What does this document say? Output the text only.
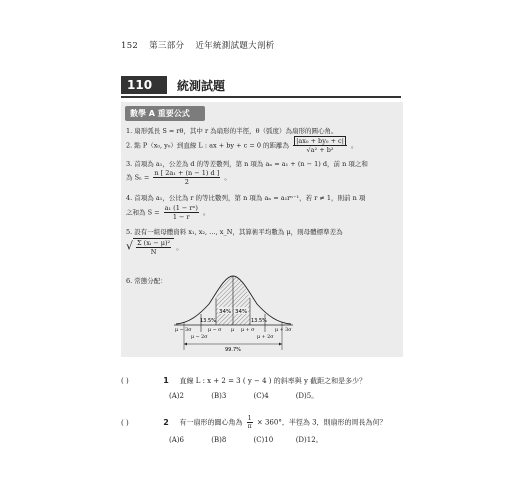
152 第三部分 近年統測試題大剖析
110	統測試題
數學 A 重要公式
1. 扇形弧長 S = rθ，其中 r 為扇形的半徑，θ（弧度）為扇形的圓心角。
2. 點 P（x₀, y₀）到直線 L : ax + by + c = 0 的距離為 $\frac{\text{|ax₀ + by₀ + c|}}{\text{√a² + b²}}$ 。
3. 首項為 a₁，公差為 d 的等差數列，第 n 項為 aₙ = a₁ + (n − 1) d，前 n 項之和
為 $S_n = \frac{\text{n [ 2a₁ + (n − 1) d ]}}{2}$ 。
4. 首項為 a₁，公比為 r 的等比數列，第 n 項為 aₙ = a₁rⁿ⁻¹，若 r ≠ 1，則前 n 項
之和為 $S = \frac{\text{a₁ (1 − rⁿ)}}{1 - r}$ 。
5. 設有一組母體資料 x₁, x₂, …, x_N，其算術平均數為 μ，則母體標準差為
√ $\frac{\text{Σ (xᵢ − μ)²}}{N}$ 。
6. 常態分配：
34% 34%
13.5%	13.5%
μ − 3σ	μ − σ μ μ + σ	μ + 3σ
μ − 2σ	μ + 2σ
99.7%
( )	1 直線 L : x + 2 = 3 ( y − 4 ) 的斜率與 y 截距之和是多少？
(A)2	(B)3	(C)4	(D)5。
( )	2 有一扇形的圓心角為 $\frac{1}{\pi} \times 360^\circ$，半徑為 3，則扇形的周長為何？
(A)6	(B)8	(C)10	(D)12。
